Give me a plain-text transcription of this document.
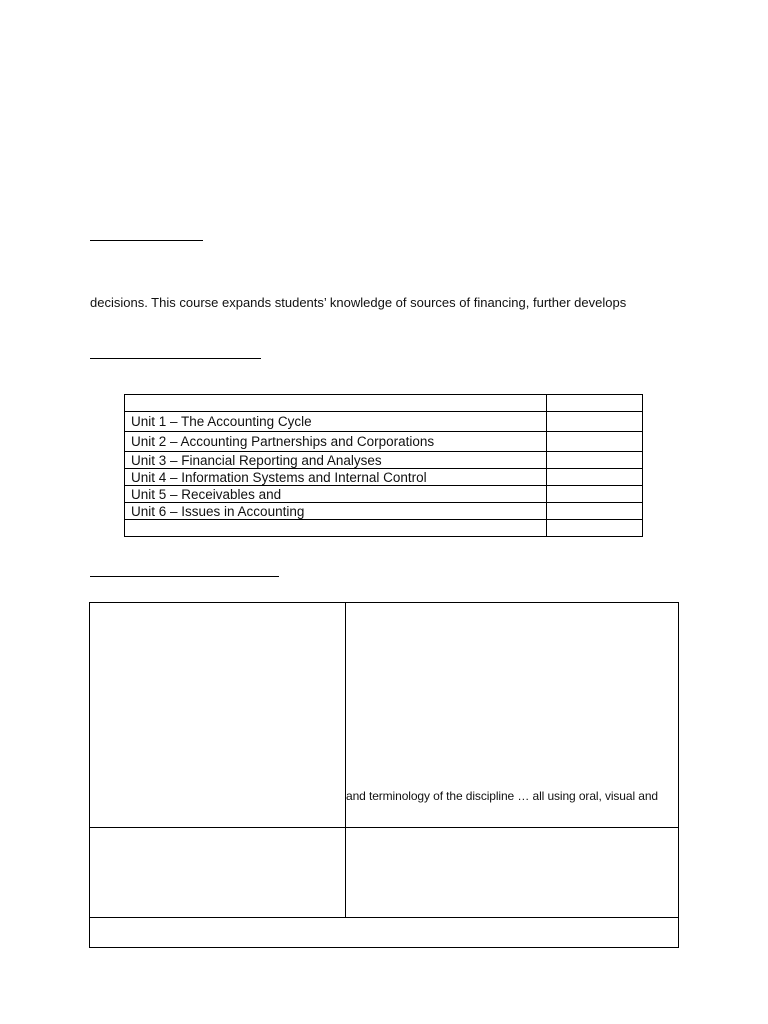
decisions. This course expands students’ knowledge of sources of financing, further develops

Unit 1 – The Accounting Cycle	
Unit 2 – Accounting Partnerships and Corporations	
Unit 3 – Financial Reporting and Analyses	
Unit 4 – Information Systems and Internal Control	
Unit 5 – Receivables and	
Unit 6 – Issues in Accounting	

and terminology of the discipline … all using oral, visual and
